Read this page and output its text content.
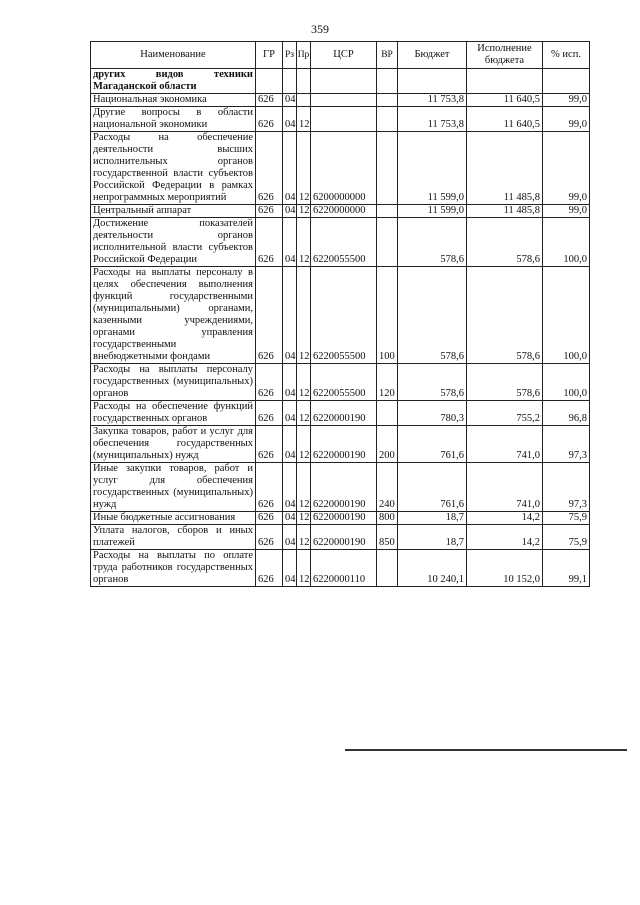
359
Наименование	ГР	Рз	Пр	ЦСР	ВР	Бюджет	Исполнение бюджета	% исп.
других видов техники Магаданской области								
Национальная экономика	626	04				11 753,8	11 640,5	99,0
Другие вопросы в области национальной экономики	626	04	12			11 753,8	11 640,5	99,0
Расходы на обеспечение деятельности высших исполнительных органов государственной власти субъектов Российской Федерации в рамках непрограммных мероприятий	626	04	12	6200000000		11 599,0	11 485,8	99,0
Центральный аппарат	626	04	12	6220000000		11 599,0	11 485,8	99,0
Достижение показателей деятельности органов исполнительной власти субъектов Российской Федерации	626	04	12	6220055500		578,6	578,6	100,0
Расходы на выплаты персоналу в целях обеспечения выполнения функций государственными (муниципальными) органами, казенными учреждениями, органами управления государственными внебюджетными фондами	626	04	12	6220055500	100	578,6	578,6	100,0
Расходы на выплаты персоналу государственных (муниципальных) органов	626	04	12	6220055500	120	578,6	578,6	100,0
Расходы на обеспечение функций государственных органов	626	04	12	6220000190		780,3	755,2	96,8
Закупка товаров, работ и услуг для обеспечения государственных (муниципальных) нужд	626	04	12	6220000190	200	761,6	741,0	97,3
Иные закупки товаров, работ и услуг для обеспечения государственных (муниципальных) нужд	626	04	12	6220000190	240	761,6	741,0	97,3
Иные бюджетные ассигнования	626	04	12	6220000190	800	18,7	14,2	75,9
Уплата налогов, сборов и иных платежей	626	04	12	6220000190	850	18,7	14,2	75,9
Расходы на выплаты по оплате труда работников государственных органов	626	04	12	6220000110		10 240,1	10 152,0	99,1
